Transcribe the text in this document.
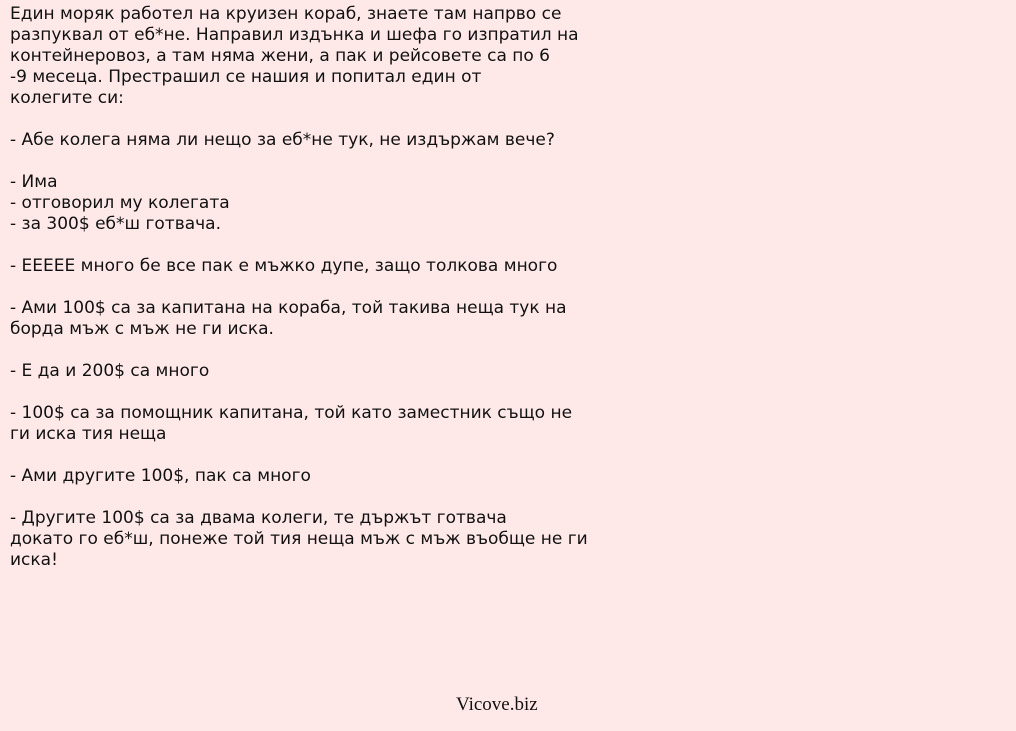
Един моряк работел на круизен кораб, знаете там напрво се
разпуквал от еб*не. Направил издънка и шефа го изпратил на
контейнеровоз, а там няма жени, а пак и рейсовете са по 6
-9 месеца. Престрашил се нашия и попитал един от
колегите си:

- Абе колега няма ли нещо за еб*не тук, не издържам вече?

- Има
- отговорил му колегата
- за 300$ еб*ш готвача.

- ЕЕЕЕЕ много бе все пак е мъжко дупе, защо толкова много

- Ами 100$ са за капитана на кораба, той такива неща тук на
борда мъж с мъж не ги иска.

- Е да и 200$ са много

- 100$ са за помощник капитана, той като заместник също не
ги иска тия неща

- Ами другите 100$, пак са много

- Другите 100$ са за двама колеги, те държът готвача
докато го еб*ш, понеже той тия неща мъж с мъж въобще не ги
иска!

Vicove.biz
